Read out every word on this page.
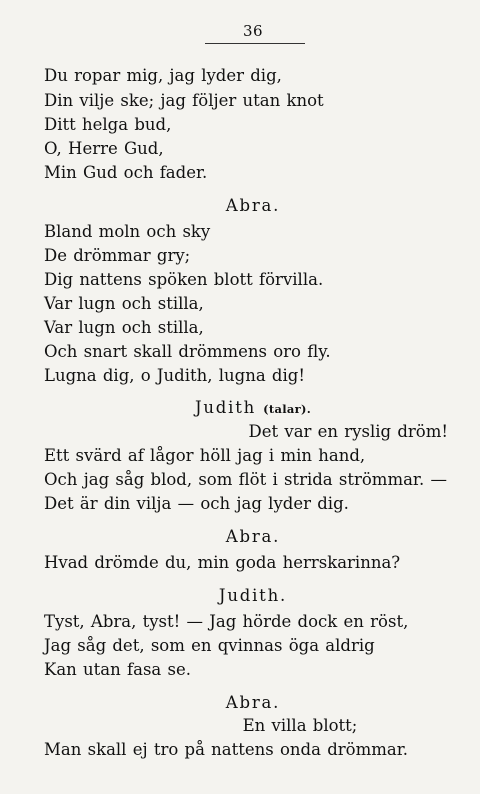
36
Du ropar mig, jag lyder dig,
Din vilje ske; jag följer utan knot
Ditt helga bud,
O, Herre Gud,
Min Gud och fader.
Abra.
Bland moln och sky
De drömmar gry;
Dig nattens spöken blott förvilla.
Var lugn och stilla,
Var lugn och stilla,
Och snart skall drömmens oro fly.
Lugna dig, o Judith, lugna dig!
Judith (talar).
Det var en ryslig dröm!
Ett svärd af lågor höll jag i min hand,
Och jag såg blod, som flöt i strida strömmar. —
Det är din vilja — och jag lyder dig.
Abra.
Hvad drömde du, min goda herrskarinna?
Judith.
Tyst, Abra, tyst! — Jag hörde dock en röst,
Jag såg det, som en qvinnas öga aldrig
Kan utan fasa se.
Abra.
En villa blott;
Man skall ej tro på nattens onda drömmar.
